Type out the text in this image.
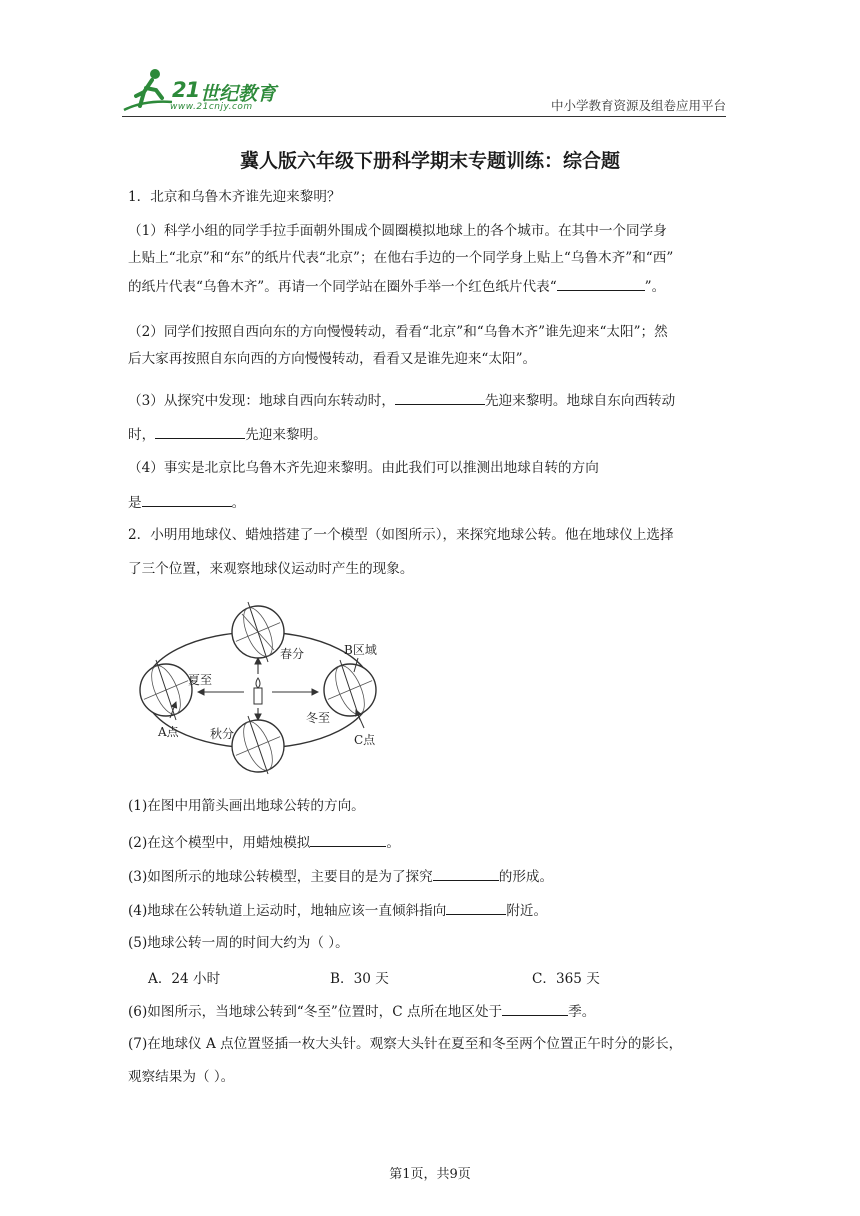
21 世纪教育
www.21cnjy.com	中小学教育资源及组卷应用平台
冀人版六年级下册科学期末专题训练：综合题
1．北京和乌鲁木齐谁先迎来黎明？
（1）科学小组的同学手拉手面朝外围成个圆圈模拟地球上的各个城市。在其中一个同学身
上贴上“北京”和“东”的纸片代表“北京”；在他右手边的一个同学身上贴上“乌鲁木齐”和“西”
的纸片代表“乌鲁木齐”。再请一个同学站在圈外手举一个红色纸片代表“	”。
（2）同学们按照自西向东的方向慢慢转动，看看“北京”和“乌鲁木齐”谁先迎来“太阳”；然
后大家再按照自东向西的方向慢慢转动，看看又是谁先迎来“太阳”。
（3）从探究中发现：地球自西向东转动时，	先迎来黎明。地球自东向西转动
时，	先迎来黎明。
（4）事实是北京比乌鲁木齐先迎来黎明。由此我们可以推测出地球自转的方向
是	。
2．小明用地球仪、蜡烛搭建了一个模型（如图所示），来探究地球公转。他在地球仪上选择
了三个位置，来观察地球仪运动时产生的现象。
春分
夏至
秋分
冬至
B区域
A点
C点
(1)在图中用箭头画出地球公转的方向。
(2)在这个模型中，用蜡烛模拟	。
(3)如图所示的地球公转模型，主要目的是为了探究	的形成。
(4)地球在公转轨道上运动时，地轴应该一直倾斜指向	附近。
(5)地球公转一周的时间大约为（ ）。
A．24 小时	B．30 天	C．365 天
(6)如图所示，当地球公转到“冬至”位置时，C 点所在地区处于	季。
(7)在地球仪 A 点位置竖插一枚大头针。观察大头针在夏至和冬至两个位置正午时分的影长，
观察结果为（ ）。
第1页，共9页
